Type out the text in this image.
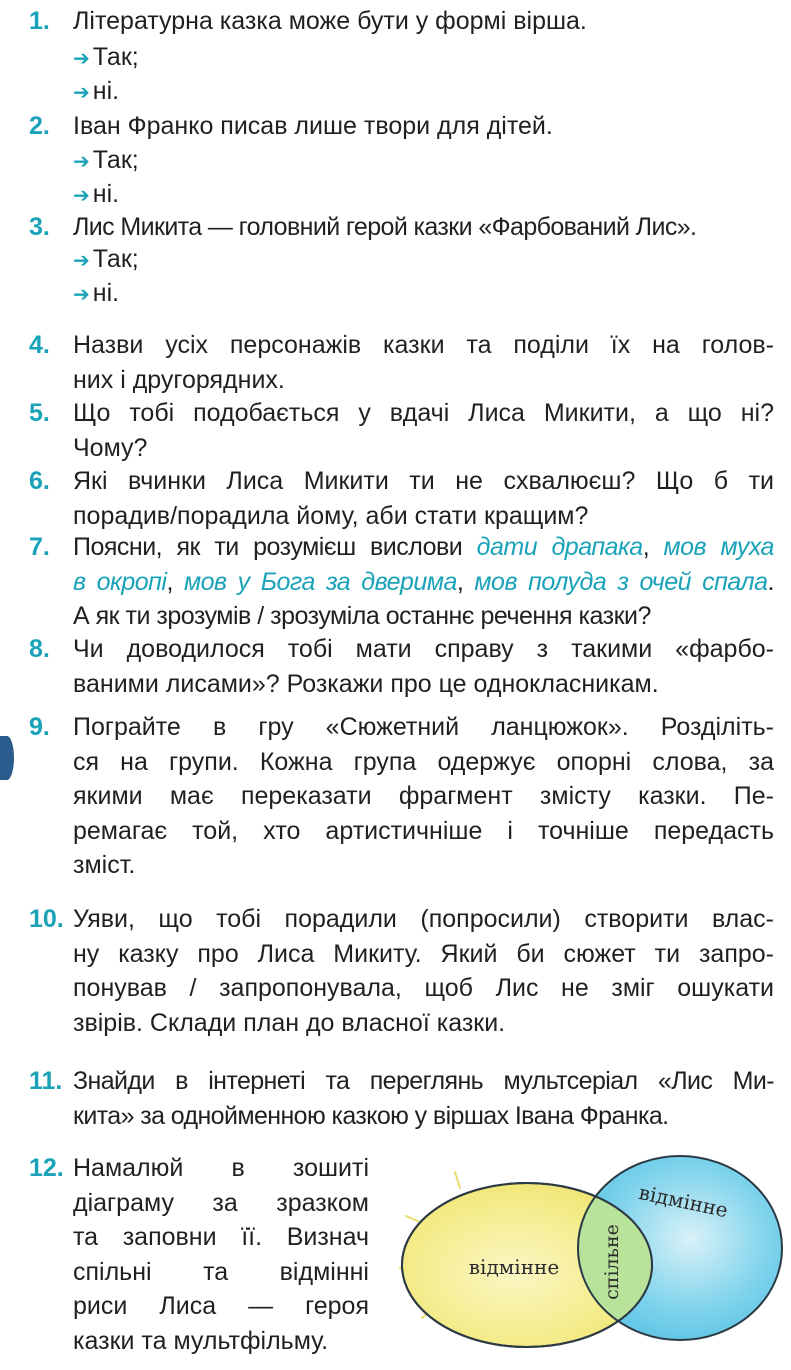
1. Літературна казка може бути у формі вірша.
➔ Так;
➔ ні.
2. Іван Франко писав лише твори для дітей.
➔ Так;
➔ ні.
3. Лис Микита — головний герой казки «Фарбований Лис».
➔ Так;
➔ ні.
4. Назви усіх персонажів казки та поділи їх на голов-
них і другорядних.
5. Що тобі подобається у вдачі Лиса Микити, а що ні?
Чому?
6. Які вчинки Лиса Микити ти не схвалюєш? Що б ти
порадив/порадила йому, аби стати кращим?
7. Поясни, як ти розумієш вислови дати драпака, мов муха
в окропі, мов у Бога за дверима, мов полуда з очей спала.
А як ти зрозумів / зрозуміла останнє речення казки?
8. Чи доводилося тобі мати справу з такими «фарбо-
ваними лисами»? Розкажи про це однокласникам.
9. Пограйте в гру «Сюжетний ланцюжок». Розділіть-
ся на групи. Кожна група одержує опорні слова, за
якими має переказати фрагмент змісту казки. Пе-
ремагає той, хто артистичніше і точніше передасть
зміст.
10. Уяви, що тобі порадили (попросили) створити влас-
ну казку про Лиса Микиту. Який би сюжет ти запро-
понував / запропонувала, щоб Лис не зміг ошукати
звірів. Склади план до власної казки.
11. Знайди в інтернеті та переглянь мультсеріал «Лис Ми-
кита» за однойменною казкою у віршах Івана Франка.
12. Намалюй в зошиті
діаграму за зразком
та заповни її. Визнач
спільні та відмінні
риси Лиса — героя
казки та мультфільму.
відмінне спільне
відмінне
